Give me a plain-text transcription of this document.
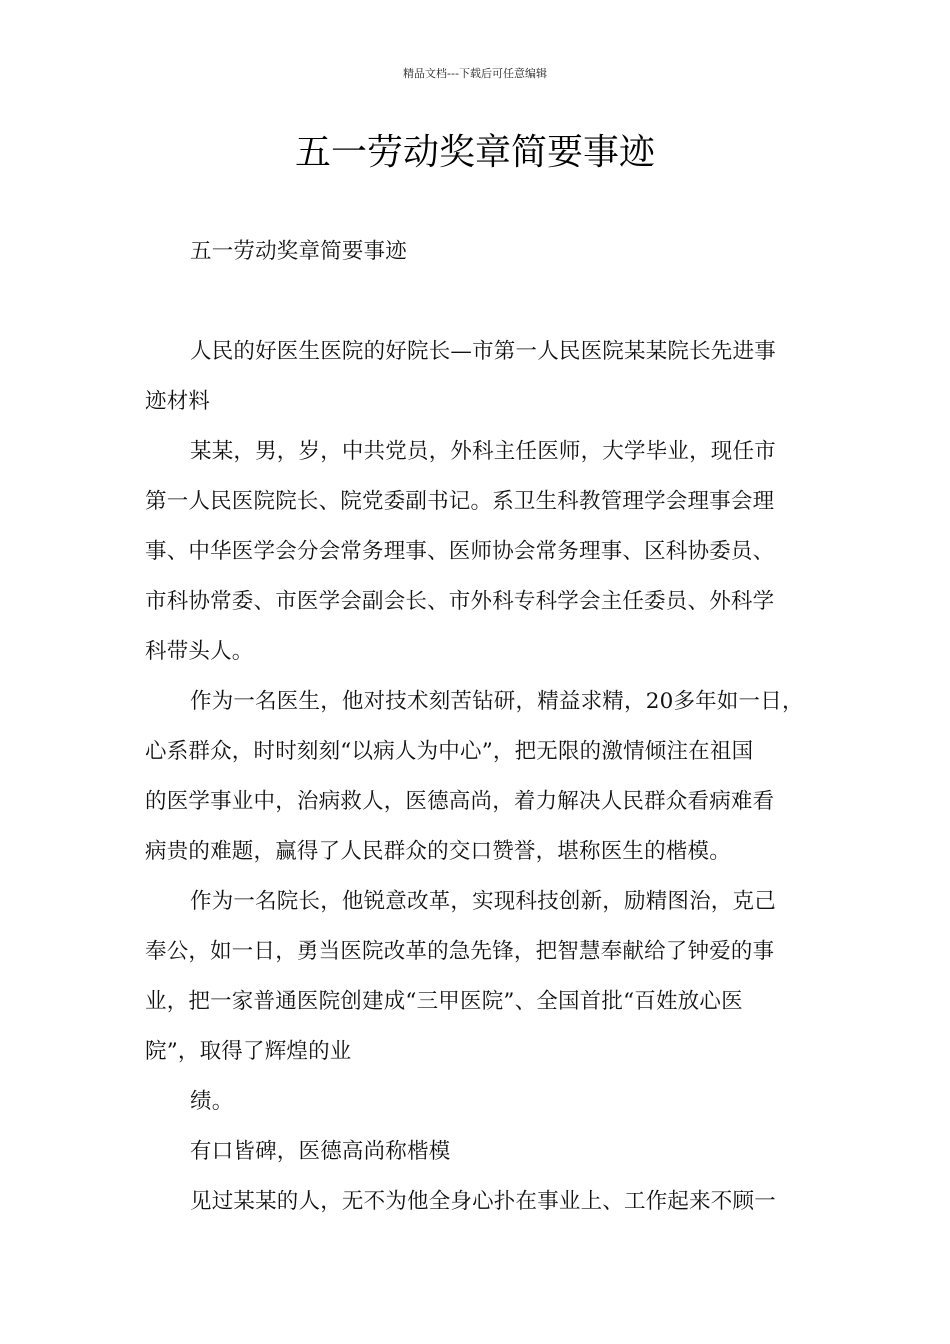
精品文档---下载后可任意编辑
五一劳动奖章简要事迹
五一劳动奖章简要事迹
人民的好医生医院的好院长—市第一人民医院某某院长先进事
迹材料
某某，男，岁，中共党员，外科主任医师，大学毕业，现任市
第一人民医院院长、院党委副书记。系卫生科教管理学会理事会理
事、中华医学会分会常务理事、医师协会常务理事、区科协委员、
市科协常委、市医学会副会长、市外科专科学会主任委员、外科学
科带头人。
作为一名医生，他对技术刻苦钻研，精益求精，20多年如一日，
心系群众，时时刻刻“以病人为中心”，把无限的激情倾注在祖国
的医学事业中，治病救人，医德高尚，着力解决人民群众看病难看
病贵的难题，赢得了人民群众的交口赞誉，堪称医生的楷模。
作为一名院长，他锐意改革，实现科技创新，励精图治，克己
奉公，如一日，勇当医院改革的急先锋，把智慧奉献给了钟爱的事
业，把一家普通医院创建成“三甲医院”、全国首批“百姓放心医
院”，取得了辉煌的业
绩。
有口皆碑，医德高尚称楷模
见过某某的人，无不为他全身心扑在事业上、工作起来不顾一
